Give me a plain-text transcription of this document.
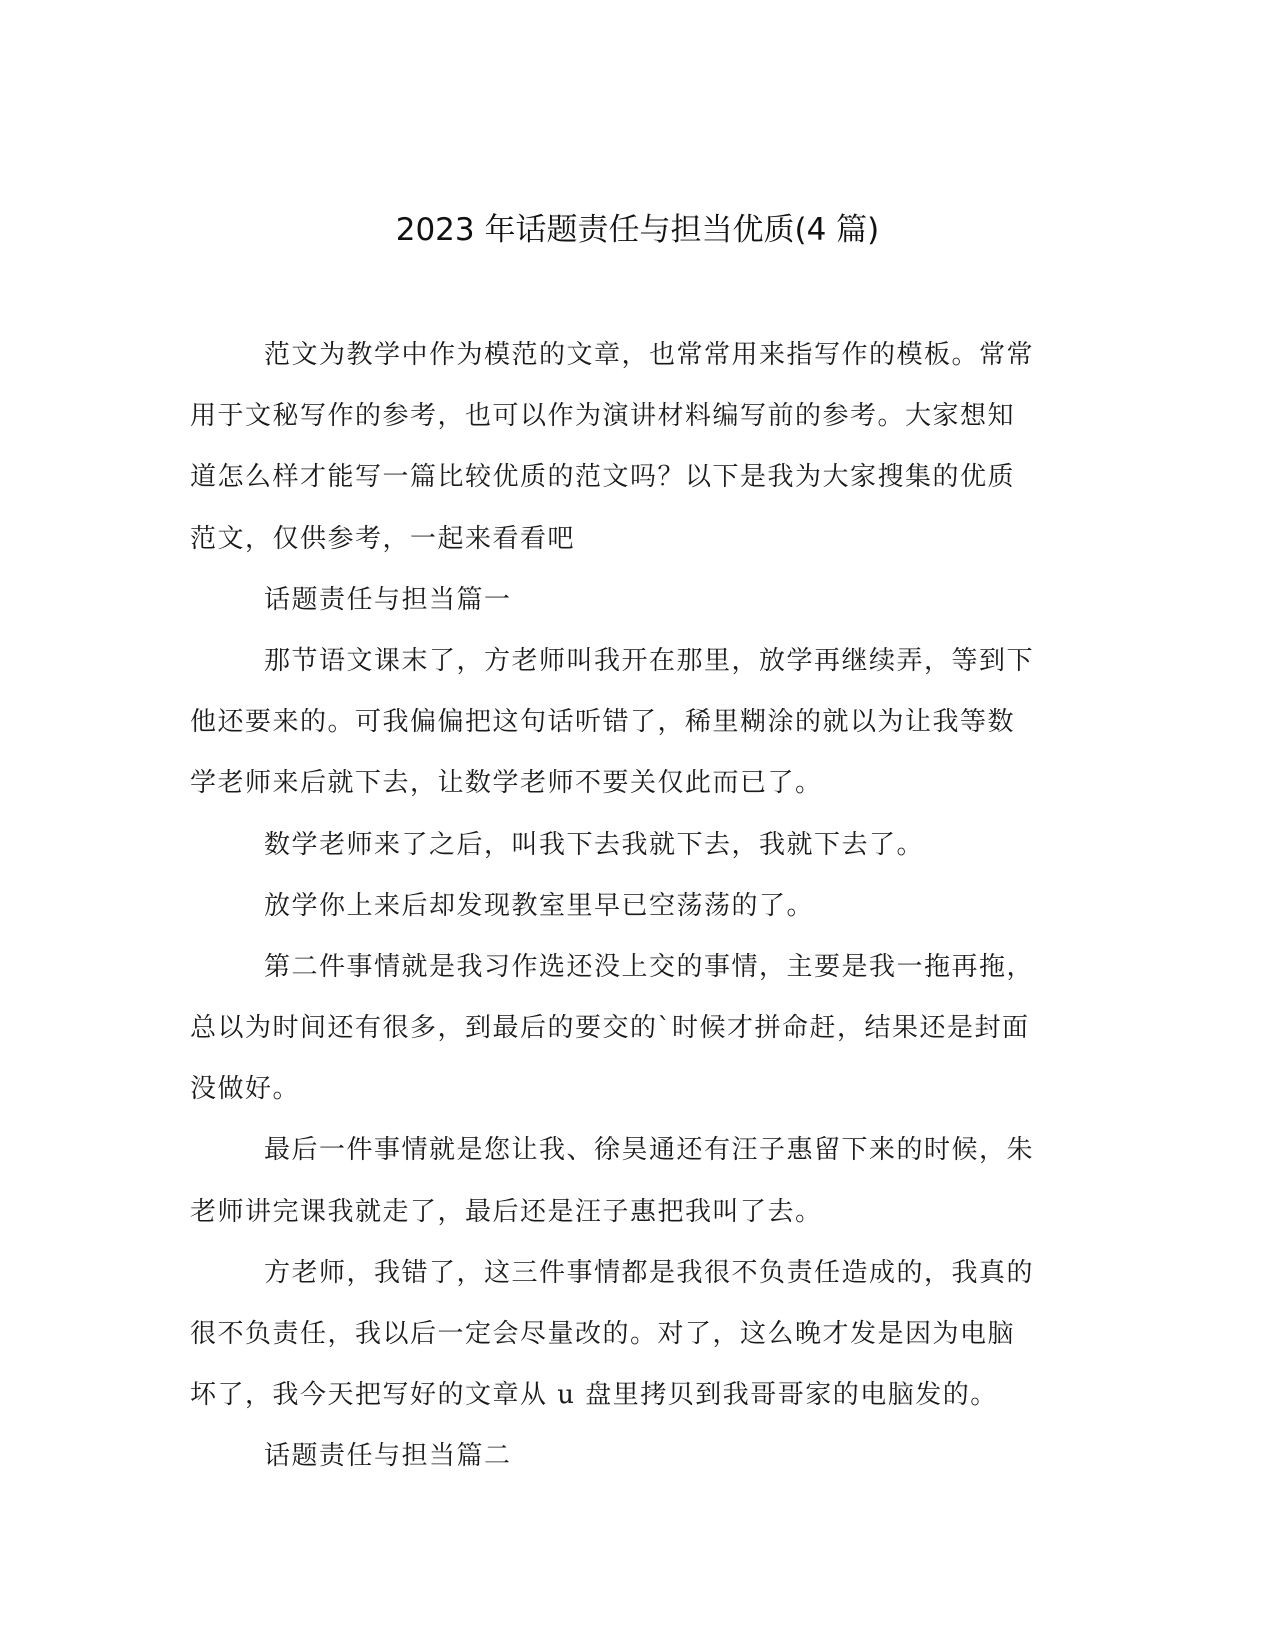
2023 年话题责任与担当优质(4 篇)
范文为教学中作为模范的文章，也常常用来指写作的模板。常常
用于文秘写作的参考，也可以作为演讲材料编写前的参考。大家想知
道怎么样才能写一篇比较优质的范文吗？以下是我为大家搜集的优质
范文，仅供参考，一起来看看吧
话题责任与担当篇一
那节语文课末了，方老师叫我开在那里，放学再继续弄，等到下
他还要来的。可我偏偏把这句话听错了，稀里糊涂的就以为让我等数
学老师来后就下去，让数学老师不要关仅此而已了。
数学老师来了之后，叫我下去我就下去，我就下去了。
放学你上来后却发现教室里早已空荡荡的了。
第二件事情就是我习作选还没上交的事情，主要是我一拖再拖，
总以为时间还有很多，到最后的要交的`时候才拼命赶，结果还是封面
没做好。
最后一件事情就是您让我、徐昊通还有汪子惠留下来的时候，朱
老师讲完课我就走了，最后还是汪子惠把我叫了去。
方老师，我错了，这三件事情都是我很不负责任造成的，我真的
很不负责任，我以后一定会尽量改的。对了，这么晚才发是因为电脑
坏了，我今天把写好的文章从 u 盘里拷贝到我哥哥家的电脑发的。
话题责任与担当篇二
